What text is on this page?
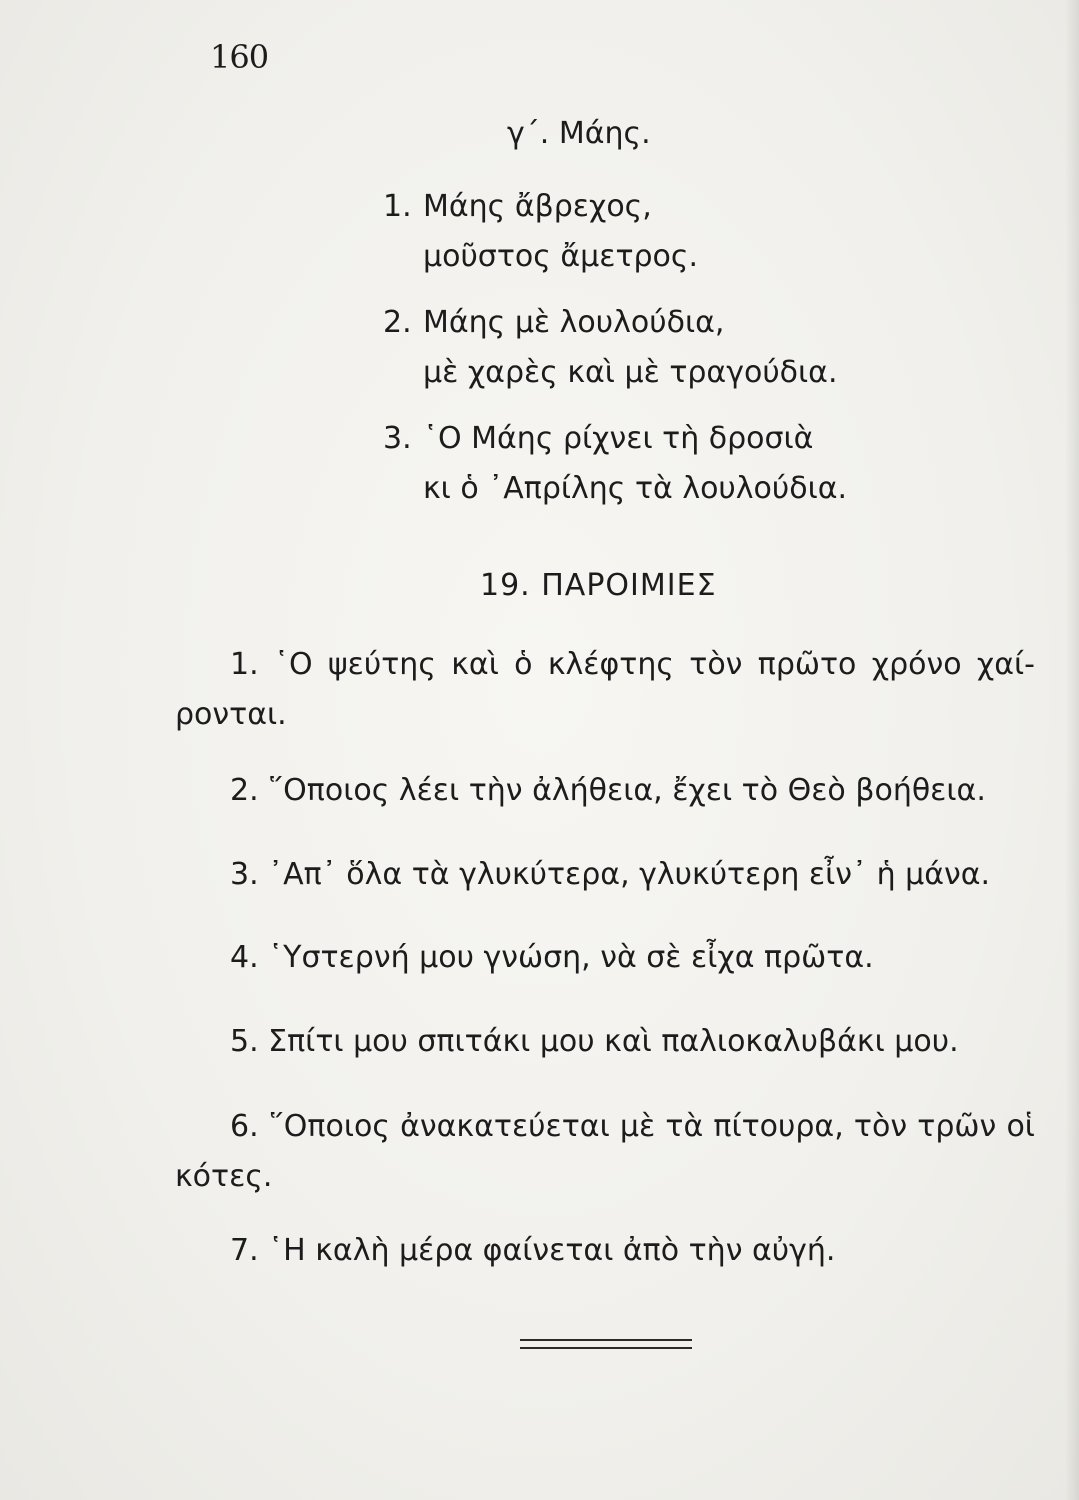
160
γ΄. Μάης.
1. Μάης ἄβρεχος,
μοῦστος ἄμετρος.
2. Μάης μὲ λουλούδια,
μὲ χαρὲς καὶ μὲ τραγούδια.
3. ῾Ο Μάης ρίχνει τὴ δροσιὰ
κι ὁ ᾿Απρίλης τὰ λουλούδια.
19. ΠΑΡΟΙΜΙΕΣ
1. ῾Ο ψεύτης καὶ ὁ κλέφτης τὸν πρῶτο χρόνο χαί-
ρονται.
2. ῞Οποιος λέει τὴν ἀλήθεια, ἔχει τὸ Θεὸ βοήθεια.
3. ᾿Απ᾿ ὅλα τὰ γλυκύτερα, γλυκύτερη εἶν᾿ ἡ μάνα.
4. ῾Υστερνή μου γνώση, νὰ σὲ εἶχα πρῶτα.
5. Σπίτι μου σπιτάκι μου καὶ παλιοκαλυβάκι μου.
6. ῞Οποιος ἀνακατεύεται μὲ τὰ πίτουρα, τὸν τρῶν οἱ
κότες.
7. ῾Η καλὴ μέρα φαίνεται ἀπὸ τὴν αὐγή.
